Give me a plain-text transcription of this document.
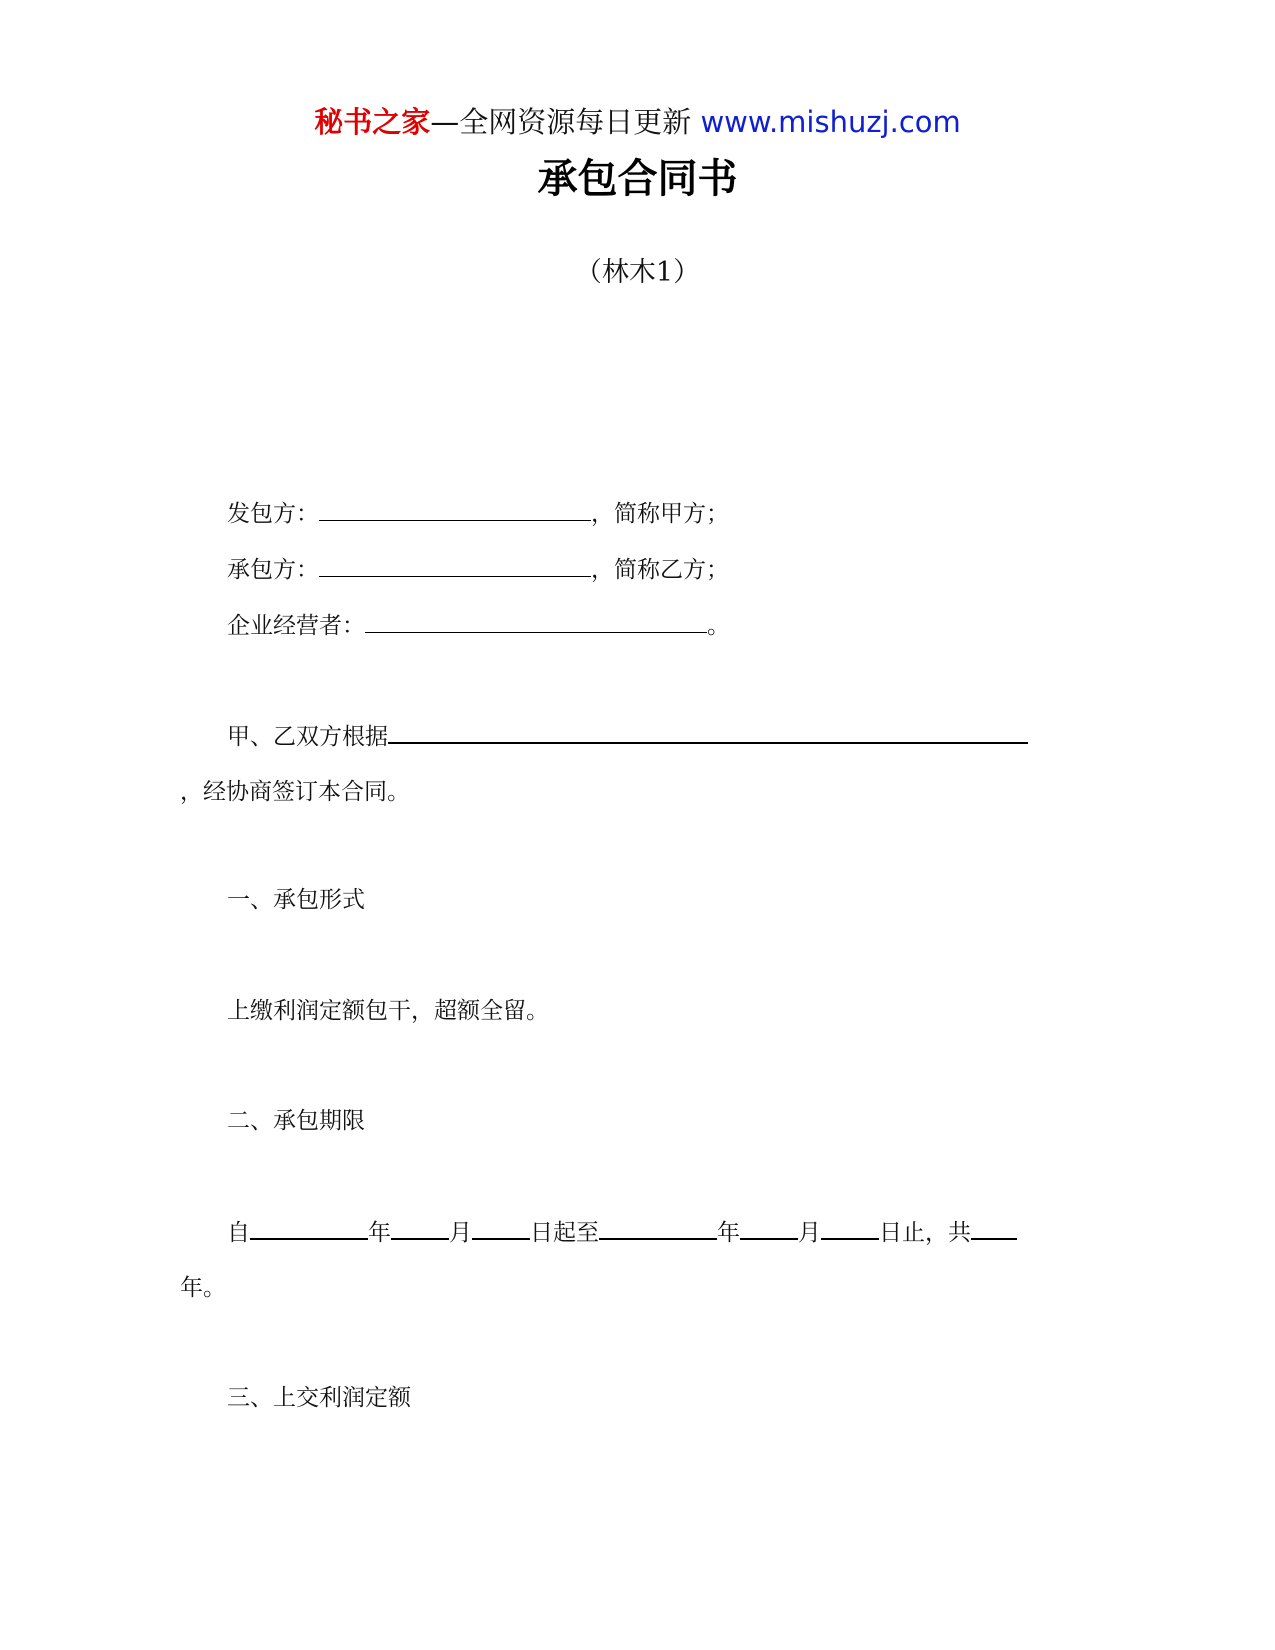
秘书之家—全网资源每日更新 www.mishuzj.com
承包合同书
（林木1）
发包方：	，简称甲方；
承包方：	，简称乙方；
企业经营者：	。
甲、乙双方根据
，经协商签订本合同。
一、承包形式
上缴利润定额包干，超额全留。
二、承包期限
自	年	月	日起至	年	月	日止，共
年。
三、上交利润定额
